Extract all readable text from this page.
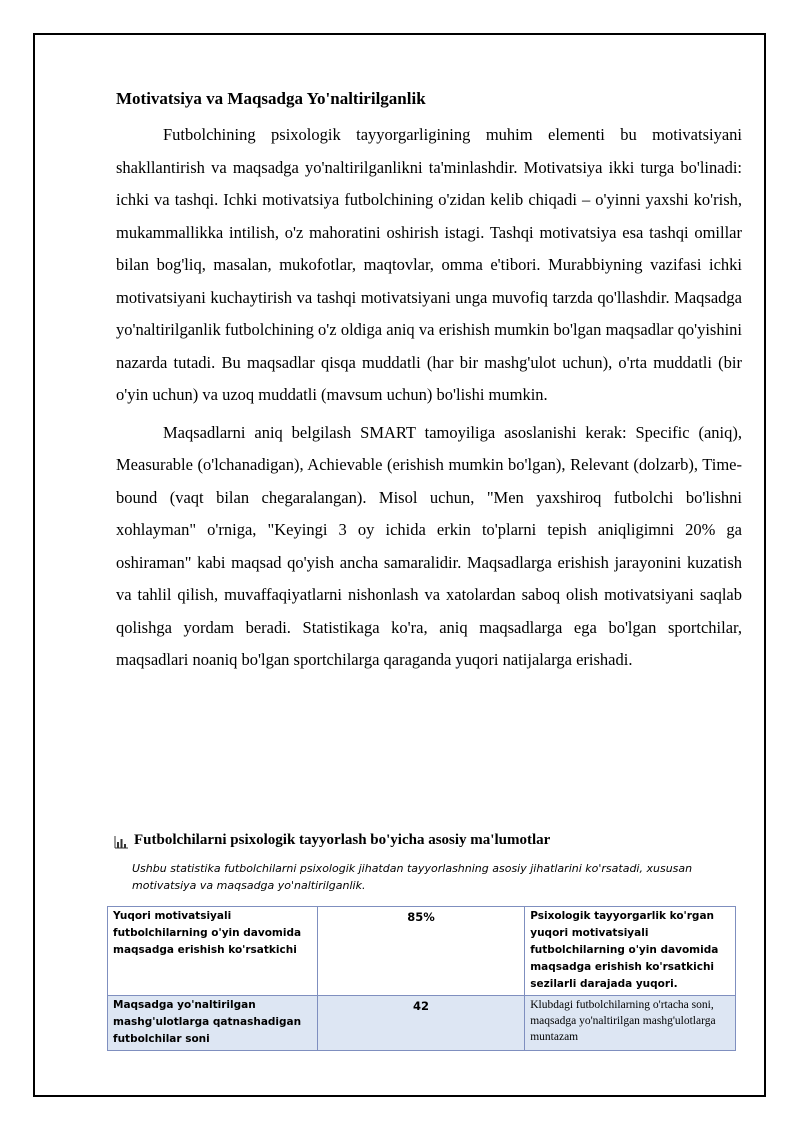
Motivatsiya va Maqsadga Yo'naltirilganlik

Futbolchining psixologik tayyorgarligining muhim elementi bu motivatsiyani shakllantirish va maqsadga yo'naltirilganlikni ta'minlashdir. Motivatsiya ikki turga bo'linadi: ichki va tashqi. Ichki motivatsiya futbolchining o'zidan kelib chiqadi – o'yinni yaxshi ko'rish, mukammallikka intilish, o'z mahoratini oshirish istagi. Tashqi motivatsiya esa tashqi omillar bilan bog'liq, masalan, mukofotlar, maqtovlar, omma e'tibori. Murabbiyning vazifasi ichki motivatsiyani kuchaytirish va tashqi motivatsiyani unga muvofiq tarzda qo'llashdir. Maqsadga yo'naltirilganlik futbolchining o'z oldiga aniq va erishish mumkin bo'lgan maqsadlar qo'yishini nazarda tutadi. Bu maqsadlar qisqa muddatli (har bir mashg'ulot uchun), o'rta muddatli (bir o'yin uchun) va uzoq muddatli (mavsum uchun) bo'lishi mumkin.

Maqsadlarni aniq belgilash SMART tamoyiliga asoslanishi kerak: Specific (aniq), Measurable (o'lchanadigan), Achievable (erishish mumkin bo'lgan), Relevant (dolzarb), Time-bound (vaqt bilan chegaralangan). Misol uchun, "Men yaxshiroq futbolchi bo'lishni xohlayman" o'rniga, "Keyingi 3 oy ichida erkin to'plarni tepish aniqligimni 20% ga oshiraman" kabi maqsad qo'yish ancha samaralidir. Maqsadlarga erishish jarayonini kuzatish va tahlil qilish, muvaffaqiyatlarni nishonlash va xatolardan saboq olish motivatsiyani saqlab qolishga yordam beradi. Statistikaga ko'ra, aniq maqsadlarga ega bo'lgan sportchilar, maqsadlari noaniq bo'lgan sportchilarga qaraganda yuqori natijalarga erishadi.

Futbolchilarni psixologik tayyorlash bo'yicha asosiy ma'lumotlar
Ushbu statistika futbolchilarni psixologik jihatdan tayyorlashning asosiy jihatlarini ko'rsatadi, xususan motivatsiya va maqsadga yo'naltirilganlik.
Yuqori motivatsiyali futbolchilarning o'yin davomida maqsadga erishish ko'rsatkichi	85%	Psixologik tayyorgarlik ko'rgan yuqori motivatsiyali futbolchilarning o'yin davomida maqsadga erishish ko'rsatkichi sezilarli darajada yuqori.

Maqsadga yo'naltirilgan mashg'ulotlarga qatnashadigan futbolchilar soni	42	Klubdagi futbolchilarning o'rtacha soni, maqsadga yo'naltirilgan mashg'ulotlarga muntazam
